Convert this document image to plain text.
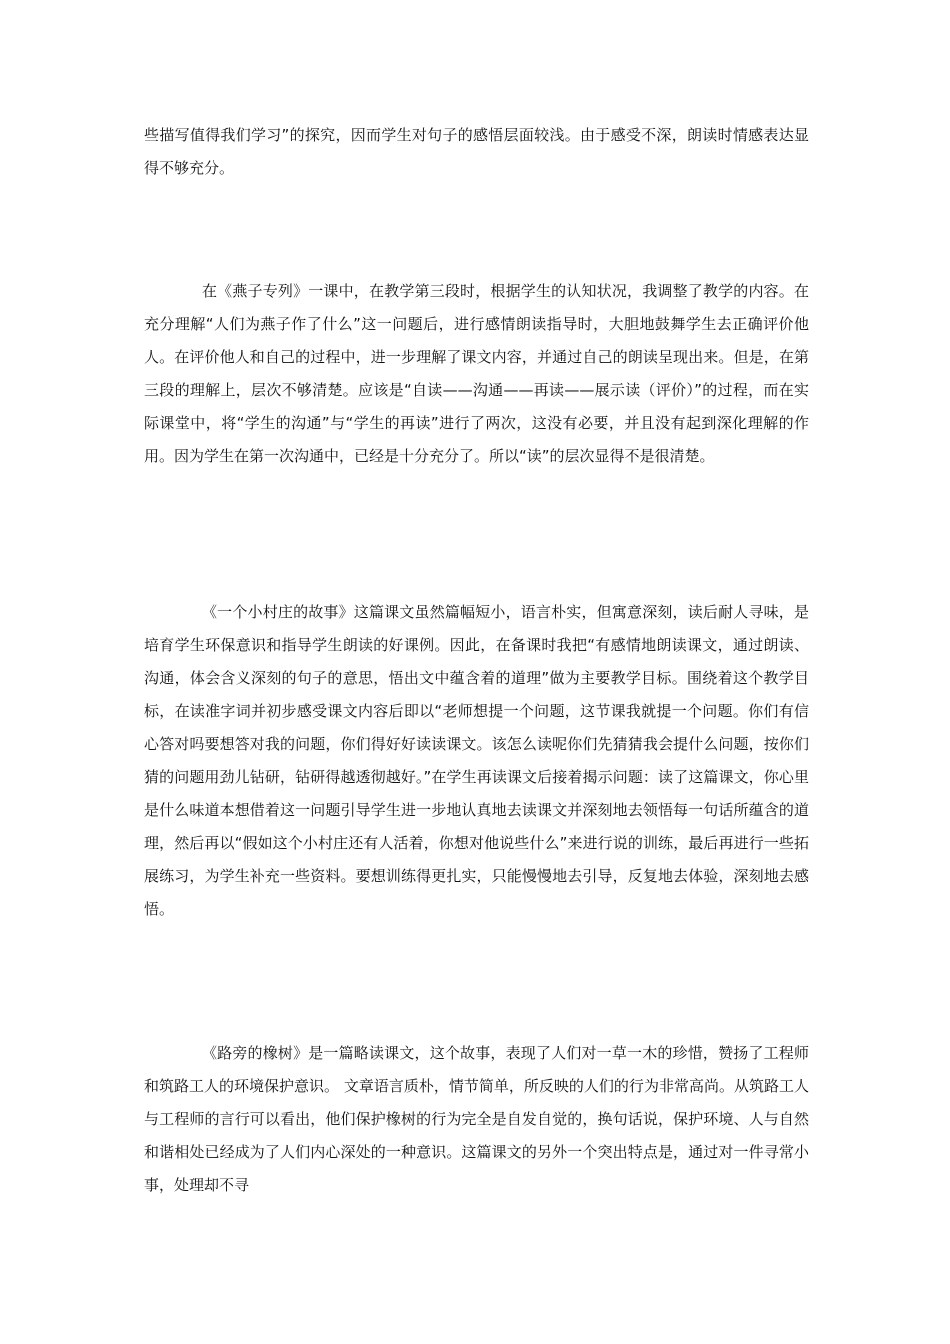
些描写值得我们学习”的探究，因而学生对句子的感悟层面较浅。由于感受不深，朗读时情感表达显得不够充分。

在《燕子专列》一课中，在教学第三段时，根据学生的认知状况，我调整了教学的内容。在充分理解“人们为燕子作了什么”这一问题后，进行感情朗读指导时，大胆地鼓舞学生去正确评价他人。在评价他人和自己的过程中，进一步理解了课文内容，并通过自己的朗读呈现出来。但是，在第三段的理解上，层次不够清楚。应该是“自读——沟通——再读——展示读（评价）”的过程，而在实际课堂中，将“学生的沟通”与“学生的再读”进行了两次，这没有必要，并且没有起到深化理解的作用。因为学生在第一次沟通中，已经是十分充分了。所以“读”的层次显得不是很清楚。

《一个小村庄的故事》这篇课文虽然篇幅短小，语言朴实，但寓意深刻，读后耐人寻味，是培育学生环保意识和指导学生朗读的好课例。因此，在备课时我把“有感情地朗读课文，通过朗读、沟通，体会含义深刻的句子的意思，悟出文中蕴含着的道理”做为主要教学目标。围绕着这个教学目标，在读准字词并初步感受课文内容后即以“老师想提一个问题，这节课我就提一个问题。你们有信心答对吗要想答对我的问题，你们得好好读读课文。该怎么读呢你们先猜猜我会提什么问题，按你们猜的问题用劲儿钻研，钻研得越透彻越好。”在学生再读课文后接着揭示问题：读了这篇课文，你心里是什么味道本想借着这一问题引导学生进一步地认真地去读课文并深刻地去领悟每一句话所蕴含的道理，然后再以“假如这个小村庄还有人活着，你想对他说些什么”来进行说的训练，最后再进行一些拓展练习，为学生补充一些资料。要想训练得更扎实，只能慢慢地去引导，反复地去体验，深刻地去感悟。

《路旁的橡树》是一篇略读课文，这个故事，表现了人们对一草一木的珍惜，赞扬了工程师和筑路工人的环境保护意识。 文章语言质朴，情节简单，所反映的人们的行为非常高尚。从筑路工人与工程师的言行可以看出，他们保护橡树的行为完全是自发自觉的，换句话说，保护环境、人与自然和谐相处已经成为了人们内心深处的一种意识。这篇课文的另外一个突出特点是，通过对一件寻常小事，处理却不寻
